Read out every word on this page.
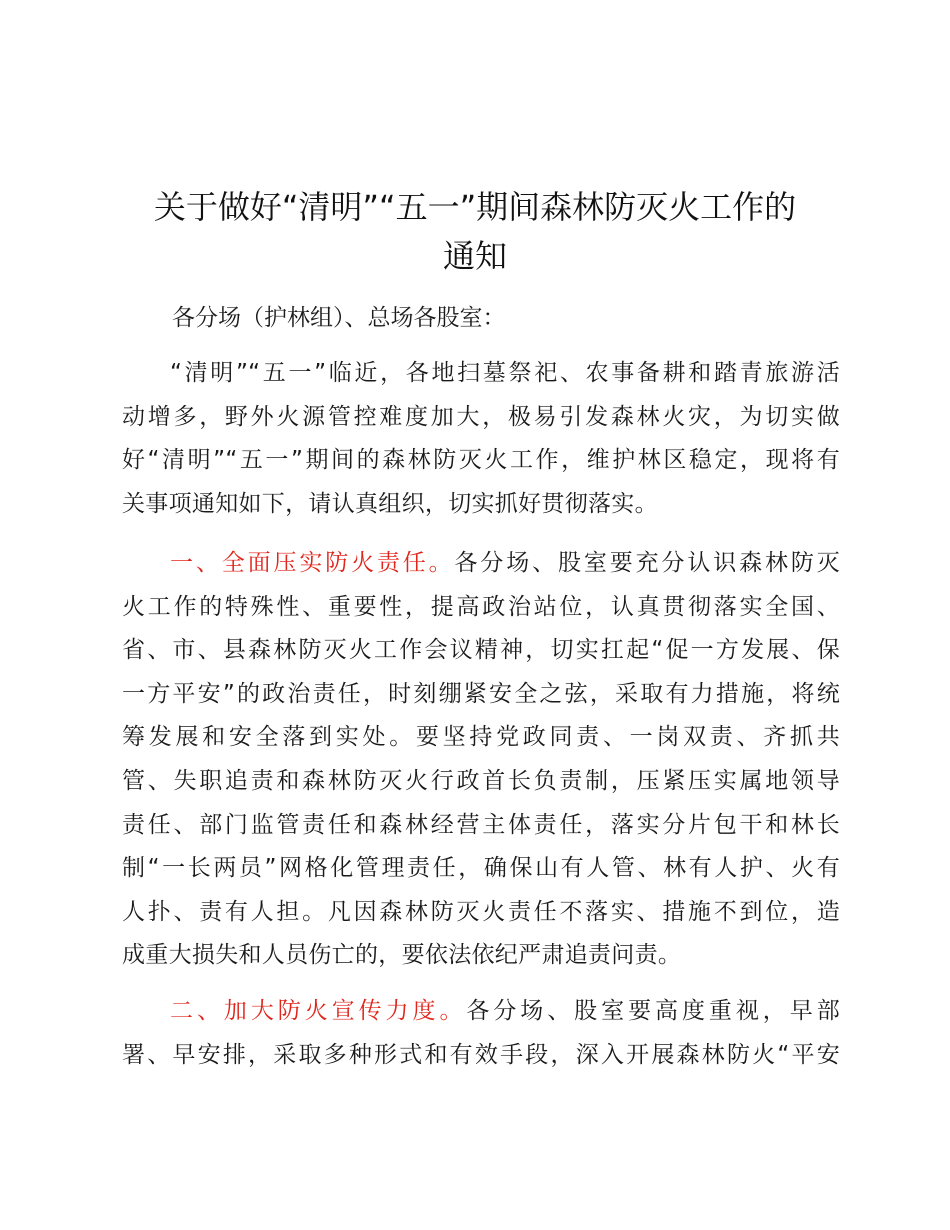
关于做好“清明”“五一”期间森林防灭火工作的
通知

各分场（护林组）、总场各股室：

“清明”“五一”临近，各地扫墓祭祀、农事备耕和踏青旅游活
动增多，野外火源管控难度加大，极易引发森林火灾，为切实做
好“清明”“五一”期间的森林防灭火工作，维护林区稳定，现将有
关事项通知如下，请认真组织，切实抓好贯彻落实。
一、全面压实防火责任。各分场、股室要充分认识森林防灭
火工作的特殊性、重要性，提高政治站位，认真贯彻落实全国、
省、市、县森林防灭火工作会议精神，切实扛起“促一方发展、保
一方平安”的政治责任，时刻绷紧安全之弦，采取有力措施，将统
筹发展和安全落到实处。要坚持党政同责、一岗双责、齐抓共
管、失职追责和森林防灭火行政首长负责制，压紧压实属地领导
责任、部门监管责任和森林经营主体责任，落实分片包干和林长
制“一长两员”网格化管理责任，确保山有人管、林有人护、火有
人扑、责有人担。凡因森林防灭火责任不落实、措施不到位，造
成重大损失和人员伤亡的，要依法依纪严肃追责问责。
二、加大防火宣传力度。各分场、股室要高度重视，早部
署、早安排，采取多种形式和有效手段，深入开展森林防火“平安
